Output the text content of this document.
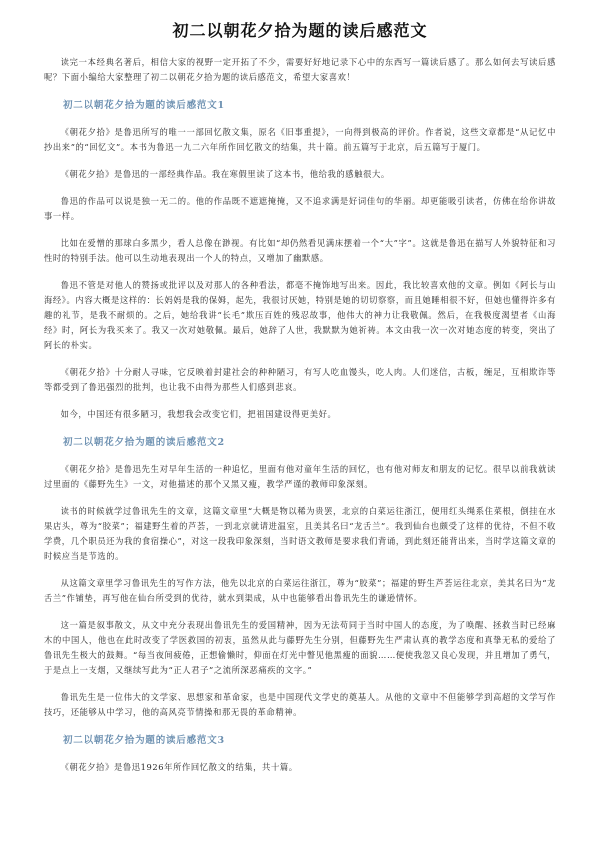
初二以朝花夕拾为题的读后感范文

读完一本经典名著后，相信大家的视野一定开拓了不少，需要好好地记录下心中的东西写一篇读后感了。那么如何去写读后感呢？下面小编给大家整理了初二以朝花夕拾为题的读后感范文，希望大家喜欢！

初二以朝花夕拾为题的读后感范文1

《朝花夕拾》是鲁迅所写的唯一一部回忆散文集，原名《旧事重提》，一向得到极高的评价。作者说，这些文章都是“从记忆中抄出来”的“回忆文”。本书为鲁迅一九二六年所作回忆散文的结集，共十篇。前五篇写于北京，后五篇写于厦门。

《朝花夕拾》是鲁迅的一部经典作品。我在寒假里读了这本书，他给我的感触很大。

鲁迅的作品可以说是独一无二的。他的作品既不遮遮掩掩，又不追求满是好词佳句的华丽。却更能吸引读者，仿佛在给你讲故事一样。

比如在爱憎的那球白多黑少，看人总像在渺视。有比如“却仍然看见满床摆着一个“大”字”。这就是鲁迅在描写人外貌特征和习性时的特别手法。他可以生动地表现出一个人的特点，又增加了幽默感。

鲁迅不管是对他人的赞扬或批评以及对那人的各种看法，都毫不掩饰地写出来。因此，我比较喜欢他的文章。例如《阿长与山海经》。内容大概是这样的：长妈妈是我的保姆，起先，我很讨厌她，特别是她的切切察察，而且她睡相很不好，但她也懂得许多有趣的礼节，是我不耐烦的。之后，她给我讲“长毛”欺压百姓的残忍故事，他伟大的神力让我敬佩。然后，在我极度渴望者《山海经》时，阿长为我买来了。我又一次对她敬佩。最后，她辞了人世，我默默为她祈祷。本文由我一次一次对她态度的转变，突出了阿长的朴实。

《朝花夕拾》十分耐人寻味，它反映着封建社会的种种陋习，有写人吃血馒头，吃人肉。人们迷信，古板，缠足，互相欺诈等等都受到了鲁迅强烈的批判，也让我不由得为那些人们感到悲哀。

如今，中国还有很多陋习，我想我会改变它们，把祖国建设得更美好。

初二以朝花夕拾为题的读后感范文2

《朝花夕拾》是鲁迅先生对早年生活的一种追忆，里面有他对童年生活的回忆，也有他对师友和朋友的记忆。很早以前我就读过里面的《藤野先生》一文，对他描述的那个又黑又瘦，教学严谨的教师印象深刻。

读书的时候就学过鲁讯先生的文章，这篇文章里“大概是物以稀为贵罢，北京的白菜运往浙江，便用红头绳系住菜根，倒挂在水果店头，尊为“胶菜”；福建野生着的芦荟，一到北京就请进温室，且美其名曰“龙舌兰”。我到仙台也颇受了这样的优待，不但不收学费，几个职员还为我的食宿操心”，对这一段我印象深刻，当时语文教师是要求我们背诵，到此刻还能背出来，当时学这篇文章的时候应当是节选的。

从这篇文章里学习鲁讯先生的写作方法，他先以北京的白菜运往浙江，尊为“胶菜”；福建的野生芦荟运往北京，美其名曰为“龙舌兰”作铺垫，再写他在仙台所受到的优待，就水到渠成，从中也能够看出鲁讯先生的谦逊情怀。

这一篇是叙事散文，从文中充分表现出鲁讯先生的爱国精神，因为无法苟同于当时中国人的态度，为了唤醒、拯救当时已经麻木的中国人，他也在此时改变了学医救国的初衷，虽然从此与藤野先生分别，但藤野先生严肃认真的教学态度和真挚无私的爱给了鲁讯先生极大的鼓舞。“每当夜间疲倦，正想偷懒时，仰面在灯光中瞥见他黑瘦的面貌……便使我忽又良心发现，并且增加了勇气，于是点上一支烟，又继续写此为“正人君子”之流所深恶痛疾的文字。”

鲁讯先生是一位伟大的文学家、思想家和革命家，也是中国现代文学史的奠基人。从他的文章中不但能够学到高超的文学写作技巧，还能够从中学习，他的高风亮节情操和那无畏的革命精神。

初二以朝花夕拾为题的读后感范文3

《朝花夕拾》是鲁迅1926年所作回忆散文的结集，共十篇。
